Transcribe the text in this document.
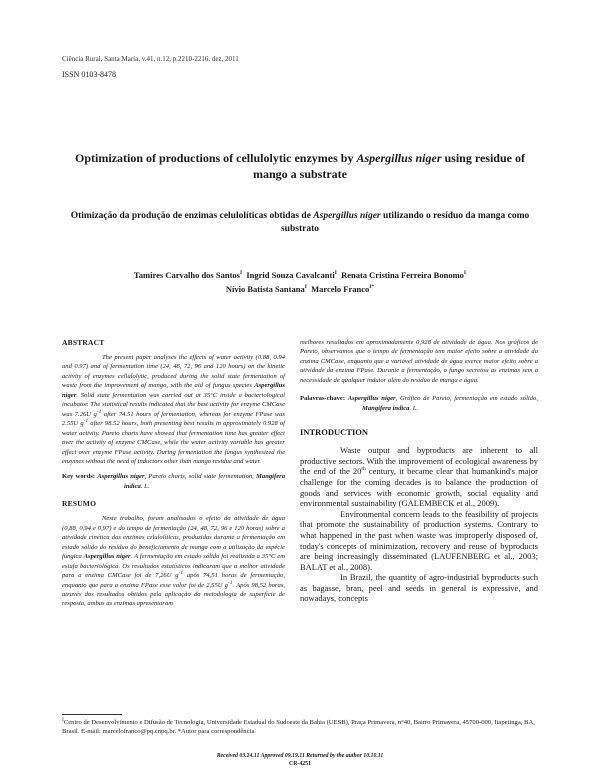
Ciência Rural, Santa Maria, v.41, n.12, p.2210-2216, dez, 2011
ISSN 0103-8478
Optimization of productions of cellulolytic enzymes by Aspergillus niger using residue of mango a substrate
Otimização da produção de enzimas celulolíticas obtidas de Aspergillus niger utilizando o resíduo da manga como substrato
Tamires Carvalho dos Santos$^I$ Ingrid Souza Cavalcanti$^I$ Renata Cristina Ferreira Bonomo$^I$
Nívio Batista Santana$^I$ Marcelo Franco$^{I*}$
ABSTRACT

The present paper analyses the effects of water activity (0.88, 0.94 and 0.97) and of fermentation time (24, 48, 72, 96 and 120 hours) on the kinetic activity of enzymes cellulolytic, produced during the solid state fermentation of waste from the improvement of mango, with the aid of fungus species Aspergillus niger. Solid state fermentation was carried out at 35°C inside a bacteriological incubator. The statistical results indicated that the best activity for enzyme CMCase was 7.26U $g^{-1}$ after 74.51 hours of fermentation, whereas for enzyme FPase was 2.55U $g^{-1}$ after 98.52 hours, both presenting best results in approximately 0.928 of water activity. Pareto charts have showed that fermentation time has greater effect over the activity of enzyme CMCase, while the water activity variable has greater effect over enzyme FPase activity. During fermentation the fungus synthesized the enzymes without the need of inductors other than mango residue and water.

Key words: Aspergillus niger, Pareto charts, solid state fermentation, Mangifera indica. L.

RESUMO

Neste trabalho, foram analisados o efeito da atividade de água (0,88, 0,94 e 0,97) e do tempo de fermentação (24, 48, 72, 96 e 120 horas) sobre a atividade cinética das enzimas celulolíticas, produzidas durante a fermentação em estado sólido do resíduo do beneficiamento de manga com a utilização da espécie fúngica Aspergillus niger. A fermentação em estado sólido foi realizada a 35°C em estufa bacteriológica. Os resultados estatísticos indicaram que a melhor atividade para a enzima CMCase foi de 7,26U $g^{-1}$ após 74,51 horas de fermentação, enquanto que para a enzima FPase esse valor foi de 2,55U $g^{-1}$. Após 98,52 horas, através dos resultados obtidos pela aplicação da metodologia de superfície de resposta, ambas as enzimas apresentaram

melhores resultados em aproximadamente 0,928 de atividade de água. Nos gráficos de Pareto, observamos que o tempo de fermentação tem maior efeito sobre a atividade da enzima CMCase, enquanto que a variável atividade de água exerce maior efeito sobre a atividade da enzima FPase. Durante a fermentação, o fungo secretou as enzimas sem a necessidade de qualquer indutor além do resíduo de manga e água.

Palavras-chave: Aspergillus niger, Gráfico de Pareto, fermentação em estado sólido, Mangifera indica. L.

INTRODUCTION

Waste output and byproducts are inherent to all productive sectors. With the improvement of ecological awareness by the end of the 20th century, it became clear that humankind's major challenge for the coming decades is to balance the production of goods and services with economic growth, social equality and environmental sustainability (GALEMBECK et al., 2009).

Environmental concern leads to the feasibility of projects that promote the sustainability of production systems. Contrary to what happened in the past when waste was improperly disposed of, today's concepts of minimization, recovery and reuse of byproducts are being increasingly disseminated (LAUFENBERG et al., 2003; BALAT et al., 2008).

In Brazil, the quantity of agro-industrial byproducts such as bagasse, bran, peel and seeds in general is expressive, and nowadays, concepts

$^I$Centro de Desenvolvimento e Difusão de Tecnologia, Universidade Estadual do Sudoeste da Bahia (UESB), Praça Primavera, n°40, Bairro Primavera, 45700-000, Itapetinga, BA, Brasil. E-mail: marcelofranco@pq.cnpq.br. *Autor para correspondência.
Received 03.24.11 Approved 09.19.11 Returned by the author 10.10.11
CR-4251
